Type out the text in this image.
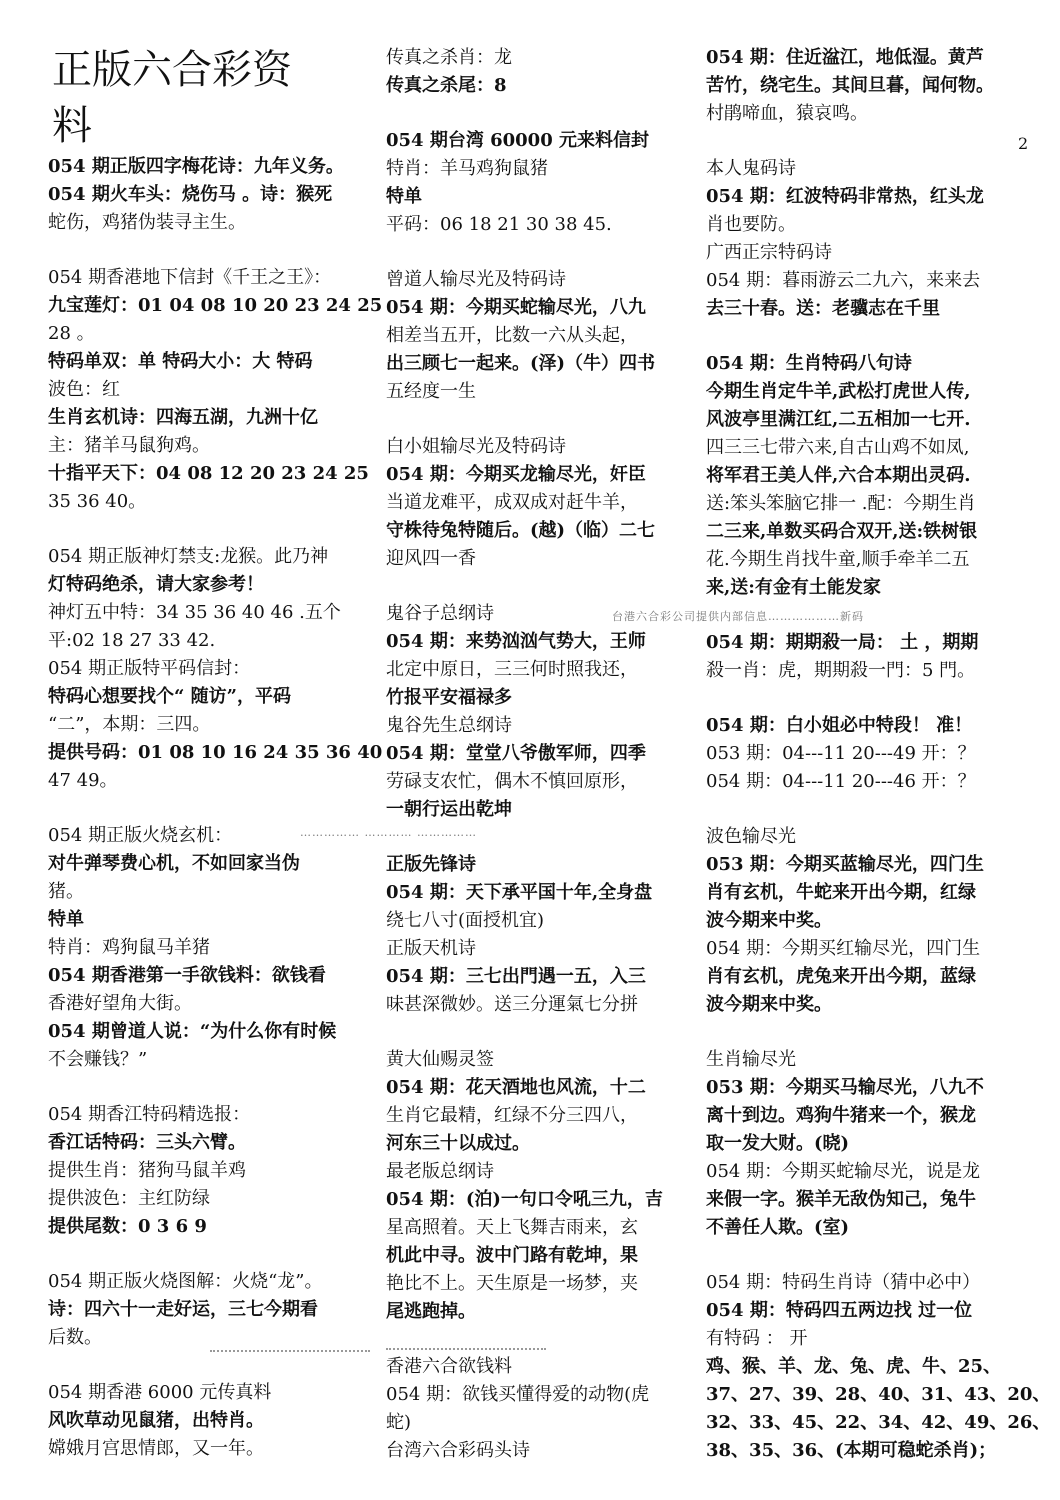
正版六合彩资
料	2
054 期正版四字梅花诗：九年义务。
054 期火车头：烧伤马 。诗：猴死
蛇伤，鸡猪伪装寻主生。
054 期香港地下信封《千王之王》：
九宝莲灯：01 04 08 10 20 23 24 25
28 。
特码单双：单 特码大小：大 特码
波色：红
生肖玄机诗：四海五湖，九洲十亿
主：猪羊马鼠狗鸡。
十指平天下：04 08 12 20 23 24 25
35 36 40。
054 期正版神灯禁支:龙猴。此乃神
灯特码绝杀，请大家参考！
神灯五中特：34 35 36 40 46 .五个
平:02 18 27 33 42.
054 期正版特平码信封：
特码心想要找个“ 随访”，平码
“二”，本期：三四。
提供号码：01 08 10 16 24 35 36 40
47 49。
054 期正版火烧玄机：
对牛弹琴费心机，不如回家当伪
猪。
特单
特肖：鸡狗鼠马羊猪
054 期香港第一手欲钱料：欲钱看
香港好望角大街。
054 期曾道人说：“为什么你有时候
不会赚钱？”
054 期香江特码精选报：
香江话特码：三头六臂。
提供生肖：猪狗马鼠羊鸡
提供波色：主红防绿
提供尾数：0 3 6 9
054 期正版火烧图解：火烧“龙”。
诗：四六十一走好运，三七今期看
后数。
054 期香港 6000 元传真料
风吹草动见鼠猪，出特肖。
嫦娥月宫思情郎，又一年。
传真之杀肖：龙
传真之杀尾：8
054 期台湾 60000 元来料信封
特肖：羊马鸡狗鼠猪
特单
平码：06 18 21 30 38 45.
曾道人输尽光及特码诗
054 期：今期买蛇输尽光，八九
相差当五开，比数一六从头起，
出三顾七一起来。(泽)（牛）四书
五经度一生
白小姐输尽光及特码诗
054 期：今期买龙输尽光，奸臣
当道龙难平，成双成对赶牛羊，
守株待兔特随后。(越)（临）二七
迎风四一香
鬼谷子总纲诗
054 期：来势汹汹气势大，王师
北定中原日，三三何时照我还，
竹报平安福禄多
鬼谷先生总纲诗
054 期：堂堂八爷傲军师，四季
劳碌支农忙，偶木不慎回原形，
一朝行运出乾坤
正版先锋诗
054 期：天下承平国十年,全身盘
绕七八寸(面授机宜)
正版天机诗
054 期：三七出門遇一五，入三
味甚深微妙。送三分運氣七分拼
黄大仙赐灵签
054 期：花天酒地也风流，十二
生肖它最精，红绿不分三四八，
河东三十以成过。
最老版总纲诗
054 期：(泊)一句口令吼三九，吉
星高照着。天上飞舞吉雨来，玄
机此中寻。波中门路有乾坤，果
艳比不上。天生原是一场梦，夹
尾逃跑掉。
香港六合欲钱料
054 期：欲钱买懂得爱的动物(虎
蛇)
台湾六合彩码头诗
054 期：住近湓江，地低湿。黄芦
苦竹，绕宅生。其间旦暮，闻何物。
村鹃啼血，猿哀鸣。
本人鬼码诗
054 期：红波特码非常热，红头龙
肖也要防。
广西正宗特码诗
054 期：暮雨游云二九六，来来去
去三十春。送：老骥志在千里
054 期：生肖特码八句诗
今期生肖定牛羊,武松打虎世人传,
风波亭里满江红,二五相加一七开.
四三三七带六来,自古山鸡不如凤,
将军君王美人伴,六合本期出灵码.
送:笨头笨脑它排一 .配：今期生肖
二三来,单数买码合双开,送:铁树银
花.今期生肖找牛童,顺手牵羊二五
来,送:有金有土能发家
054 期：期期殺一局： 土 ，期期
殺一肖：虎，期期殺一門：5 門。
054 期：白小姐必中特段！ 准！
053 期：04---11 20---49 开：？
054 期：04---11 20---46 开：？
波色输尽光
053 期：今期买蓝输尽光，四门生
肖有玄机，牛蛇来开出今期，红绿
波今期来中奖。
054 期：今期买红输尽光，四门生
肖有玄机，虎兔来开出今期，蓝绿
波今期来中奖。
生肖输尽光
053 期：今期买马输尽光，八九不
离十到边。鸡狗牛猪来一个，猴龙
取一发大财。(晓)
054 期：今期买蛇输尽光，说是龙
来假一字。猴羊无敌伪知己，兔牛
不善任人欺。(室)
054 期：特码生肖诗（猜中必中）
054 期：特码四五两边找 过一位
有特码 ： 开
鸡、猴、羊、龙、兔、虎、牛、25、
37、27、39、28、40、31、43、20、
32、33、45、22、34、42、49、26、
38、35、36、(本期可稳蛇杀肖)；
…………… ………… ……………
台港六合彩公司提供内部信息………………新码
